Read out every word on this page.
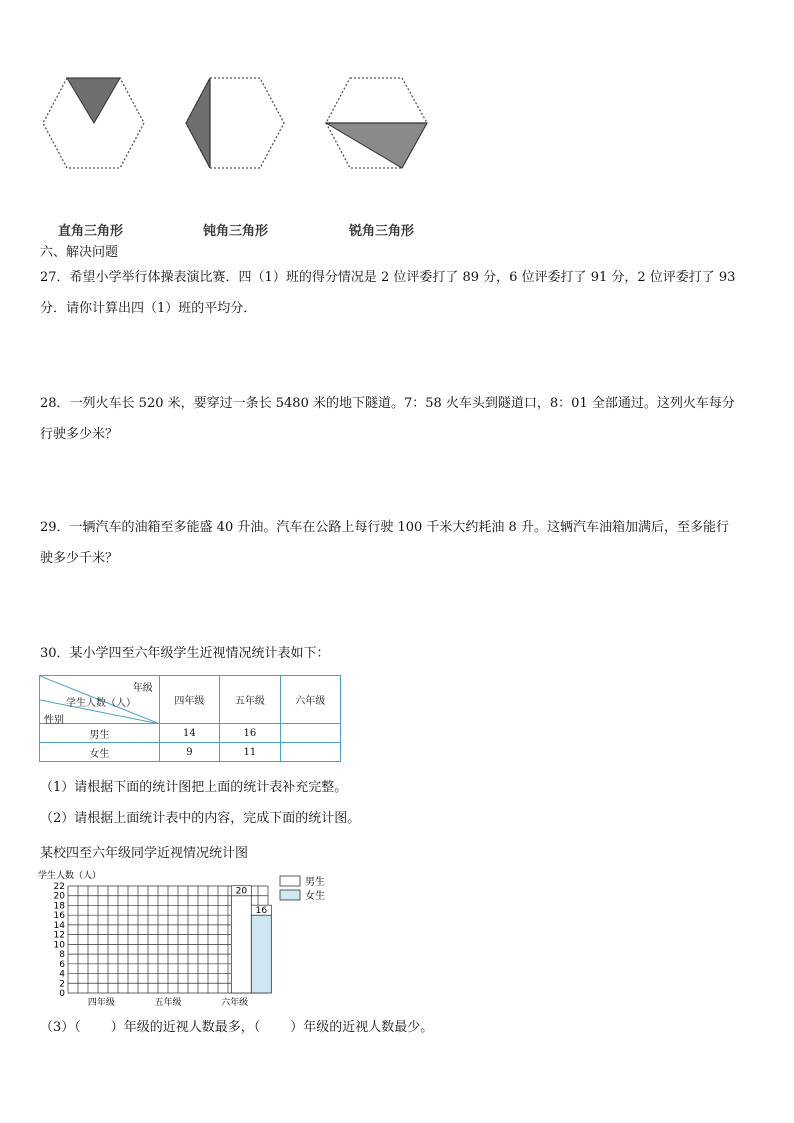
直角三角形	钝角三角形	锐角三角形
六、解决问题
27．希望小学举行体操表演比赛．四（1）班的得分情况是 2 位评委打了 89 分，6 位评委打了 91 分，2 位评委打了 93
分．请你计算出四（1）班的平均分．
28．一列火车长 520 米，要穿过一条长 5480 米的地下隧道。7：58 火车头到隧道口，8：01 全部通过。这列火车每分
行驶多少米？
29．一辆汽车的油箱至多能盛 40 升油。汽车在公路上每行驶 100 千米大约耗油 8 升。这辆汽车油箱加满后，至多能行
驶多少千米？
30．某小学四至六年级学生近视情况统计表如下：
年级
学生人数（人）
性别	四年级	五年级	六年级
男生	14	16	
女生	9	11	
（1）请根据下面的统计图把上面的统计表补充完整。
（2）请根据上面统计表中的内容，完成下面的统计图。
某校四至六年级同学近视情况统计图
学生人数（人）
20
16
0
2
4
6
8
10
12
14
16
18
20
22
四年级	五年级	六年级
男生
女生
（3）（ ）年级的近视人数最多，（ ）年级的近视人数最少。
